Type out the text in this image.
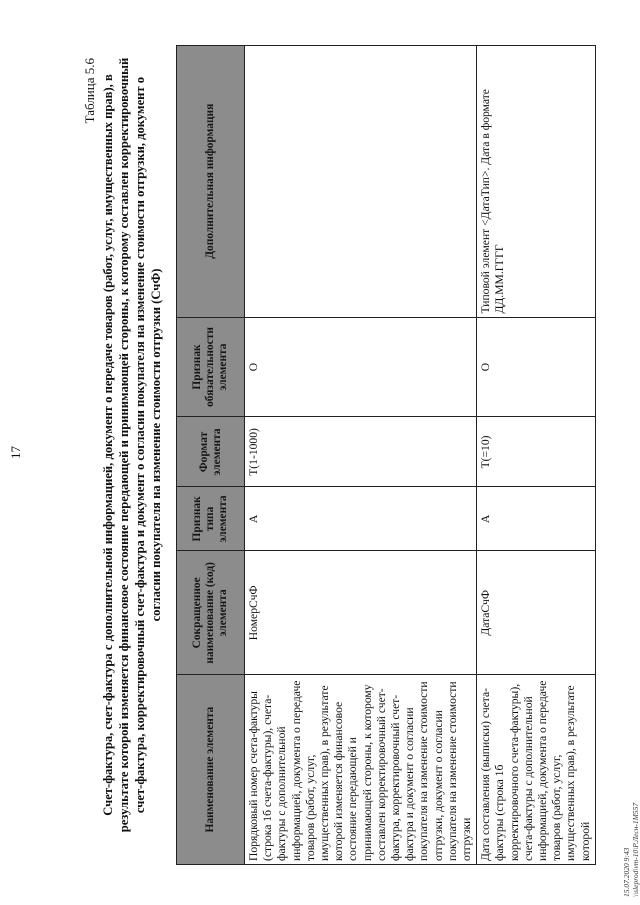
17
Таблица 5.6 Счет-фактура, счет-фактура с дополнительной информацией, документ о передаче товаров (работ, услуг, имущественных прав), в результате которой изменяется финансовое состояние передающей и принимающей стороны, к которому составлен корректировочный счет-фактура, корректировочный счет-фактура и документ о согласии покупателя на изменение стоимости отгрузки, документ о согласии покупателя на изменение стоимости отгрузки (СчФ)
Наименование элемента	Сокращенное наименование (код) элемента	Признак типа элемента	Формат элемента	Признак обязательности элемента	Дополнительная информация
Порядковый номер счета-фактуры (строка 1б счета-фактуры), счета-фактуры с дополнительной информацией, документа о передаче товаров (работ, услуг, имущественных прав), в результате которой изменяется финансовое состояние передающей и принимающей стороны, к которому составлен корректировочный счет-фактура, корректировочный счет-фактура и документ о согласии покупателя на изменение стоимости отгрузки, документ о согласии покупателя на изменение стоимости отгрузки	НомерСчФ	А	T(1-1000)	О	
Дата составления (выписки) счета-фактуры (строка 1б корректировочного счета-фактуры), счета-фактуры с дополнительной информацией, документа о передаче товаров (работ, услуг, имущественных прав), в результате которой	ДатаСчФ	А	T(=10)	О	Типовой элемент <ДатаТип>. Дата в формате ДД.ММ.ГГГГ
15.07.2020 9:43 \\sleprod\vm-10\Р.Лесн-1М557
